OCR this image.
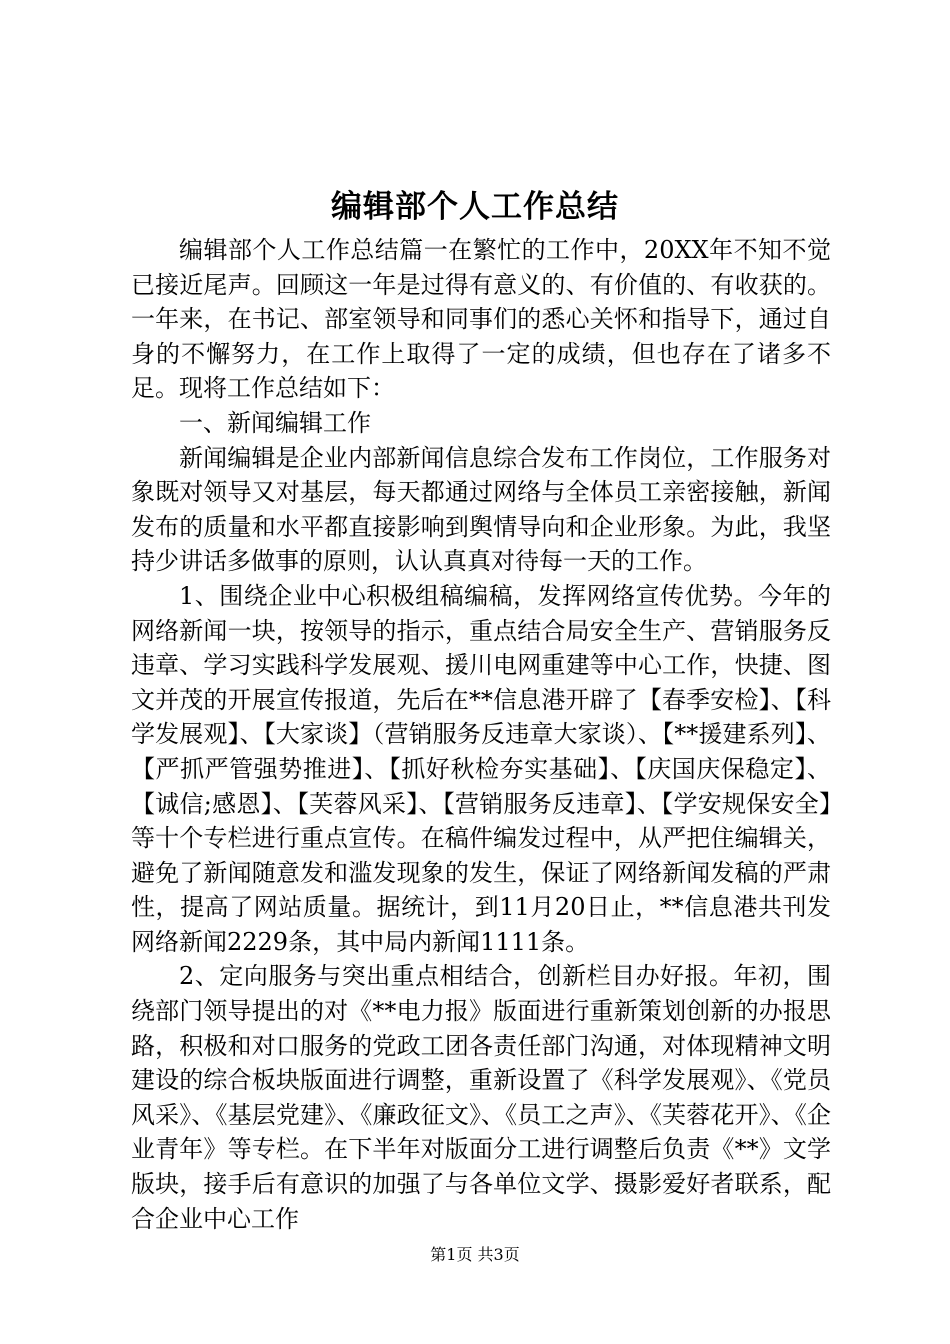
编辑部个人工作总结

编辑部个人工作总结篇一在繁忙的工作中，20XX年不知不觉已接近尾声。回顾这一年是过得有意义的、有价值的、有收获的。一年来，在书记、部室领导和同事们的悉心关怀和指导下，通过自身的不懈努力，在工作上取得了一定的成绩，但也存在了诸多不足。现将工作总结如下：

一、新闻编辑工作

新闻编辑是企业内部新闻信息综合发布工作岗位，工作服务对象既对领导又对基层，每天都通过网络与全体员工亲密接触，新闻发布的质量和水平都直接影响到舆情导向和企业形象。为此，我坚持少讲话多做事的原则，认认真真对待每一天的工作。

1、围绕企业中心积极组稿编稿，发挥网络宣传优势。今年的网络新闻一块，按领导的指示，重点结合局安全生产、营销服务反违章、学习实践科学发展观、援川电网重建等中心工作，快捷、图文并茂的开展宣传报道，先后在**信息港开辟了【春季安检】、【科学发展观】、【大家谈】（营销服务反违章大家谈）、【**援建系列】、【严抓严管强势推进】、【抓好秋检夯实基础】、【庆国庆保稳定】、【诚信;感恩】、【芙蓉风采】、【营销服务反违章】、【学安规保安全】等十个专栏进行重点宣传。在稿件编发过程中，从严把住编辑关，避免了新闻随意发和滥发现象的发生，保证了网络新闻发稿的严肃性，提高了网站质量。据统计，到11月20日止，**信息港共刊发网络新闻2229条，其中局内新闻1111条。

2、定向服务与突出重点相结合，创新栏目办好报。年初，围绕部门领导提出的对《**电力报》版面进行重新策划创新的办报思路，积极和对口服务的党政工团各责任部门沟通，对体现精神文明建设的综合板块版面进行调整，重新设置了《科学发展观》、《党员风采》、《基层党建》、《廉政征文》、《员工之声》、《芙蓉花开》、《企业青年》等专栏。在下半年对版面分工进行调整后负责《**》文学版块，接手后有意识的加强了与各单位文学、摄影爱好者联系，配合企业中心工作

第1页 共3页
